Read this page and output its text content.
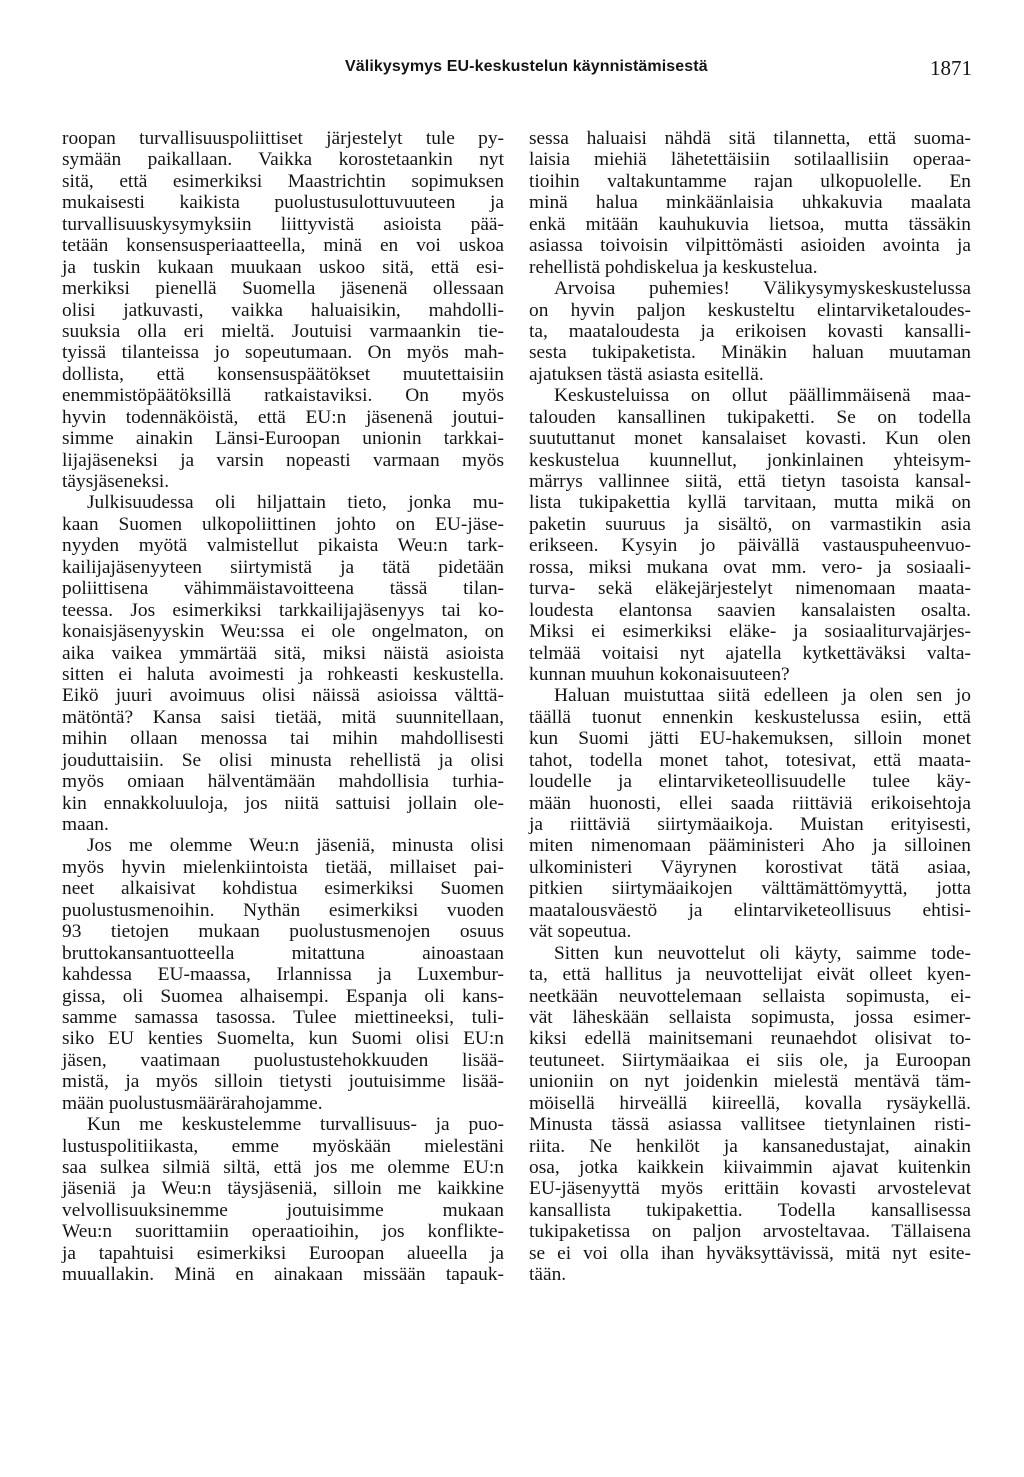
Välikysymys EU-keskustelun käynnistämisestä	1871
roopan turvallisuuspoliittiset järjestelyt tule py-
symään paikallaan. Vaikka korostetaankin nyt
sitä, että esimerkiksi Maastrichtin sopimuksen
mukaisesti kaikista puolustusulottuvuuteen ja
turvallisuuskysymyksiin liittyvistä asioista pää-
tetään konsensusperiaatteella, minä en voi uskoa
ja tuskin kukaan muukaan uskoo sitä, että esi-
merkiksi pienellä Suomella jäsenenä ollessaan
olisi jatkuvasti, vaikka haluaisikin, mahdolli-
suuksia olla eri mieltä. Joutuisi varmaankin tie-
tyissä tilanteissa jo sopeutumaan. On myös mah-
dollista, että konsensuspäätökset muutettaisiin
enemmistöpäätöksillä ratkaistaviksi. On myös
hyvin todennäköistä, että EU:n jäsenenä joutui-
simme ainakin Länsi-Euroopan unionin tarkkai-
lijajäseneksi ja varsin nopeasti varmaan myös
täysjäseneksi.
Julkisuudessa oli hiljattain tieto, jonka mu-
kaan Suomen ulkopoliittinen johto on EU-jäse-
nyyden myötä valmistellut pikaista Weu:n tark-
kailijajäsenyyteen siirtymistä ja tätä pidetään
poliittisena vähimmäistavoitteena tässä tilan-
teessa. Jos esimerkiksi tarkkailijajäsenyys tai ko-
konaisjäsenyyskin Weu:ssa ei ole ongelmaton, on
aika vaikea ymmärtää sitä, miksi näistä asioista
sitten ei haluta avoimesti ja rohkeasti keskustella.
Eikö juuri avoimuus olisi näissä asioissa välttä-
mätöntä? Kansa saisi tietää, mitä suunnitellaan,
mihin ollaan menossa tai mihin mahdollisesti
jouduttaisiin. Se olisi minusta rehellistä ja olisi
myös omiaan hälventämään mahdollisia turhia-
kin ennakkoluuloja, jos niitä sattuisi jollain ole-
maan.
Jos me olemme Weu:n jäseniä, minusta olisi
myös hyvin mielenkiintoista tietää, millaiset pai-
neet alkaisivat kohdistua esimerkiksi Suomen
puolustusmenoihin. Nythän esimerkiksi vuoden
93 tietojen mukaan puolustusmenojen osuus
bruttokansantuotteella mitattuna ainoastaan
kahdessa EU-maassa, Irlannissa ja Luxembur-
gissa, oli Suomea alhaisempi. Espanja oli kans-
samme samassa tasossa. Tulee miettineeksi, tuli-
siko EU kenties Suomelta, kun Suomi olisi EU:n
jäsen, vaatimaan puolustustehokkuuden lisää-
mistä, ja myös silloin tietysti joutuisimme lisää-
mään puolustusmäärärahojamme.
Kun me keskustelemme turvallisuus- ja puo-
lustuspolitiikasta, emme myöskään mielestäni
saa sulkea silmiä siltä, että jos me olemme EU:n
jäseniä ja Weu:n täysjäseniä, silloin me kaikkine
velvollisuuksinemme joutuisimme mukaan
Weu:n suorittamiin operaatioihin, jos konflikte-
ja tapahtuisi esimerkiksi Euroopan alueella ja
muuallakin. Minä en ainakaan missään tapauk-
sessa haluaisi nähdä sitä tilannetta, että suoma-
laisia miehiä lähetettäisiin sotilaallisiin operaa-
tioihin valtakuntamme rajan ulkopuolelle. En
minä halua minkäänlaisia uhkakuvia maalata
enkä mitään kauhukuvia lietsoa, mutta tässäkin
asiassa toivoisin vilpittömästi asioiden avointa ja
rehellistä pohdiskelua ja keskustelua.
Arvoisa puhemies! Välikysymyskeskustelussa
on hyvin paljon keskusteltu elintarviketaloudes-
ta, maataloudesta ja erikoisen kovasti kansalli-
sesta tukipaketista. Minäkin haluan muutaman
ajatuksen tästä asiasta esitellä.
Keskusteluissa on ollut päällimmäisenä maa-
talouden kansallinen tukipaketti. Se on todella
suututtanut monet kansalaiset kovasti. Kun olen
keskustelua kuunnellut, jonkinlainen yhteisym-
märrys vallinnee siitä, että tietyn tasoista kansal-
lista tukipakettia kyllä tarvitaan, mutta mikä on
paketin suuruus ja sisältö, on varmastikin asia
erikseen. Kysyin jo päivällä vastauspuheenvuo-
rossa, miksi mukana ovat mm. vero- ja sosiaali-
turva- sekä eläkejärjestelyt nimenomaan maata-
loudesta elantonsa saavien kansalaisten osalta.
Miksi ei esimerkiksi eläke- ja sosiaaliturvajärjes-
telmää voitaisi nyt ajatella kytkettäväksi valta-
kunnan muuhun kokonaisuuteen?
Haluan muistuttaa siitä edelleen ja olen sen jo
täällä tuonut ennenkin keskustelussa esiin, että
kun Suomi jätti EU-hakemuksen, silloin monet
tahot, todella monet tahot, totesivat, että maata-
loudelle ja elintarviketeollisuudelle tulee käy-
mään huonosti, ellei saada riittäviä erikoisehtoja
ja riittäviä siirtymäaikoja. Muistan erityisesti,
miten nimenomaan pääministeri Aho ja silloinen
ulkoministeri Väyrynen korostivat tätä asiaa,
pitkien siirtymäaikojen välttämättömyyttä, jotta
maatalousväestö ja elintarviketeollisuus ehtisi-
vät sopeutua.
Sitten kun neuvottelut oli käyty, saimme tode-
ta, että hallitus ja neuvottelijat eivät olleet kyen-
neetkään neuvottelemaan sellaista sopimusta, ei-
vät läheskään sellaista sopimusta, jossa esimer-
kiksi edellä mainitsemani reunaehdot olisivat to-
teutuneet. Siirtymäaikaa ei siis ole, ja Euroopan
unioniin on nyt joidenkin mielestä mentävä täm-
möisellä hirveällä kiireellä, kovalla rysäykellä.
Minusta tässä asiassa vallitsee tietynlainen risti-
riita. Ne henkilöt ja kansanedustajat, ainakin
osa, jotka kaikkein kiivaimmin ajavat kuitenkin
EU-jäsenyyttä myös erittäin kovasti arvostelevat
kansallista tukipakettia. Todella kansallisessa
tukipaketissa on paljon arvosteltavaa. Tällaisena
se ei voi olla ihan hyväksyttävissä, mitä nyt esite-
tään.
